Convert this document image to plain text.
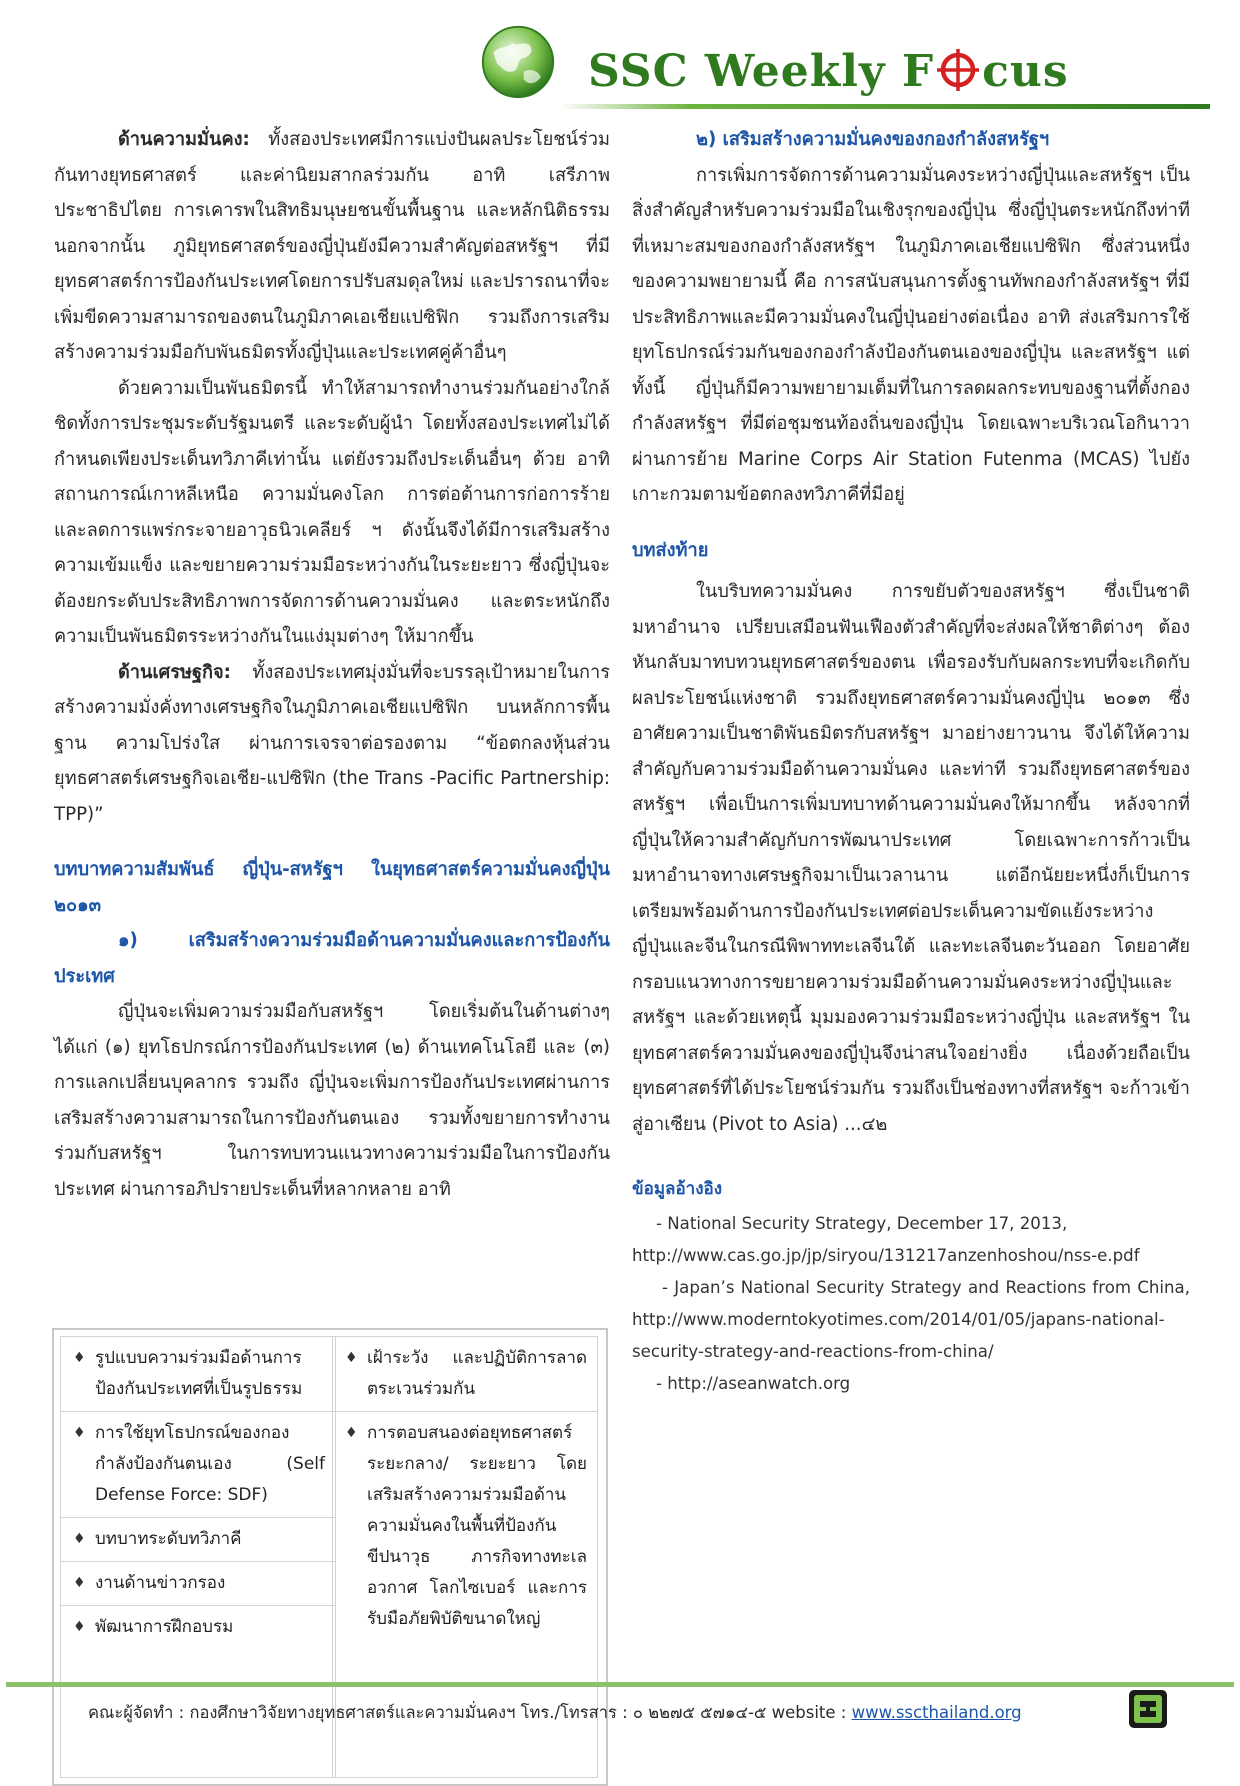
SSC Weekly F cus

ด้านความมั่นคง: ทั้งสองประเทศมีการแบ่งปันผลประโยชน์ร่วมกันทางยุทธศาสตร์ และค่านิยมสากลร่วมกัน อาทิ เสรีภาพ ประชาธิปไตย การเคารพในสิทธิมนุษยชนขั้นพื้นฐาน และหลักนิติธรรม นอกจากนั้น ภูมิยุทธศาสตร์ของญี่ปุ่นยังมีความสำคัญต่อสหรัฐฯ ที่มียุทธศาสตร์การป้องกันประเทศโดยการปรับสมดุลใหม่ และปรารถนาที่จะเพิ่มขีดความสามารถของตนในภูมิภาคเอเชียแปซิฟิก รวมถึงการเสริมสร้างความร่วมมือกับพันธมิตรทั้งญี่ปุ่นและประเทศคู่ค้าอื่นๆ

ด้วยความเป็นพันธมิตรนี้ ทำให้สามารถทำงานร่วมกันอย่างใกล้ชิดทั้งการประชุมระดับรัฐมนตรี และระดับผู้นำ โดยทั้งสองประเทศไม่ได้กำหนดเพียงประเด็นทวิภาคีเท่านั้น แต่ยังรวมถึงประเด็นอื่นๆ ด้วย อาทิ สถานการณ์เกาหลีเหนือ ความมั่นคงโลก การต่อต้านการก่อการร้าย และลดการแพร่กระจายอาวุธนิวเคลียร์ ฯ ดังนั้นจึงได้มีการเสริมสร้างความเข้มแข็ง และขยายความร่วมมือระหว่างกันในระยะยาว ซึ่งญี่ปุ่นจะต้องยกระดับประสิทธิภาพการจัดการด้านความมั่นคง และตระหนักถึงความเป็นพันธมิตรระหว่างกันในแง่มุมต่างๆ ให้มากขึ้น

ด้านเศรษฐกิจ: ทั้งสองประเทศมุ่งมั่นที่จะบรรลุเป้าหมายในการสร้างความมั่งคั่งทางเศรษฐกิจในภูมิภาคเอเชียแปซิฟิก บนหลักการพื้นฐาน ความโปร่งใส ผ่านการเจรจาต่อรองตาม “ข้อตกลงหุ้นส่วนยุทธศาสตร์เศรษฐกิจเอเชีย-แปซิฟิก (the Trans -Pacific Partnership: TPP)”

บทบาทความสัมพันธ์ ญี่ปุ่น-สหรัฐฯ ในยุทธศาสตร์ความมั่นคงญี่ปุ่น ๒๐๑๓

๑) เสริมสร้างความร่วมมือด้านความมั่นคงและการป้องกันประเทศ

ญี่ปุ่นจะเพิ่มความร่วมมือกับสหรัฐฯ โดยเริ่มต้นในด้านต่างๆ ได้แก่ (๑) ยุทโธปกรณ์การป้องกันประเทศ (๒) ด้านเทคโนโลยี และ (๓) การแลกเปลี่ยนบุคลากร รวมถึง ญี่ปุ่นจะเพิ่มการป้องกันประเทศผ่านการเสริมสร้างความสามารถในการป้องกันตนเอง รวมทั้งขยายการทำงานร่วมกับสหรัฐฯ ในการทบทวนแนวทางความร่วมมือในการป้องกันประเทศ ผ่านการอภิปรายประเด็นที่หลากหลาย อาทิ

♦ รูปแบบความร่วมมือด้านการป้องกันประเทศที่เป็นรูปธรรม
♦ การใช้ยุทโธปกรณ์ของกองกำลังป้องกันตนเอง (Self Defense Force: SDF)
♦ บทบาทระดับทวิภาคี
♦ งานด้านข่าวกรอง
♦ พัฒนาการฝึกอบรม
♦ เฝ้าระวัง และปฏิบัติการลาดตระเวนร่วมกัน
♦ การตอบสนองต่อยุทธศาสตร์ระยะกลาง/ ระยะยาว โดยเสริมสร้างความร่วมมือด้านความมั่นคงในพื้นที่ป้องกันขีปนาวุธ ภารกิจทางทะเล อวกาศ โลกไซเบอร์ และการรับมือภัยพิบัติขนาดใหญ่

๒) เสริมสร้างความมั่นคงของกองกำลังสหรัฐฯ

การเพิ่มการจัดการด้านความมั่นคงระหว่างญี่ปุ่นและสหรัฐฯ เป็นสิ่งสำคัญสำหรับความร่วมมือในเชิงรุกของญี่ปุ่น ซึ่งญี่ปุ่นตระหนักถึงท่าทีที่เหมาะสมของกองกำลังสหรัฐฯ ในภูมิภาคเอเชียแปซิฟิก ซึ่งส่วนหนึ่งของความพยายามนี้ คือ การสนับสนุนการตั้งฐานทัพกองกำลังสหรัฐฯ ที่มีประสิทธิภาพและมีความมั่นคงในญี่ปุ่นอย่างต่อเนื่อง อาทิ ส่งเสริมการใช้ยุทโธปกรณ์ร่วมกันของกองกำลังป้องกันตนเองของญี่ปุ่น และสหรัฐฯ แต่ทั้งนี้ ญี่ปุ่นก็มีความพยายามเต็มที่ในการลดผลกระทบของฐานที่ตั้งกองกำลังสหรัฐฯ ที่มีต่อชุมชนท้องถิ่นของญี่ปุ่น โดยเฉพาะบริเวณโอกินาวา ผ่านการย้าย Marine Corps Air Station Futenma (MCAS) ไปยังเกาะกวมตามข้อตกลงทวิภาคีที่มีอยู่

บทส่งท้าย

ในบริบทความมั่นคง การขยับตัวของสหรัฐฯ ซึ่งเป็นชาติมหาอำนาจ เปรียบเสมือนฟันเฟืองตัวสำคัญที่จะส่งผลให้ชาติต่างๆ ต้องหันกลับมาทบทวนยุทธศาสตร์ของตน เพื่อรองรับกับผลกระทบที่จะเกิดกับผลประโยชน์แห่งชาติ รวมถึงยุทธศาสตร์ความมั่นคงญี่ปุ่น ๒๐๑๓ ซึ่งอาศัยความเป็นชาติพันธมิตรกับสหรัฐฯ มาอย่างยาวนาน จึงได้ให้ความสำคัญกับความร่วมมือด้านความมั่นคง และท่าที รวมถึงยุทธศาสตร์ของสหรัฐฯ เพื่อเป็นการเพิ่มบทบาทด้านความมั่นคงให้มากขึ้น หลังจากที่ญี่ปุ่นให้ความสำคัญกับการพัฒนาประเทศ โดยเฉพาะการก้าวเป็นมหาอำนาจทางเศรษฐกิจมาเป็นเวลานาน แต่อีกนัยยะหนึ่งก็เป็นการเตรียมพร้อมด้านการป้องกันประเทศต่อประเด็นความขัดแย้งระหว่างญี่ปุ่นและจีนในกรณีพิพาททะเลจีนใต้ และทะเลจีนตะวันออก โดยอาศัยกรอบแนวทางการขยายความร่วมมือด้านความมั่นคงระหว่างญี่ปุ่นและสหรัฐฯ และด้วยเหตุนี้ มุมมองความร่วมมือระหว่างญี่ปุ่น และสหรัฐฯ ในยุทธศาสตร์ความมั่นคงของญี่ปุ่นจึงน่าสนใจอย่างยิ่ง เนื่องด้วยถือเป็นยุทธศาสตร์ที่ได้ประโยชน์ร่วมกัน รวมถึงเป็นช่องทางที่สหรัฐฯ จะก้าวเข้าสู่อาเซียน (Pivot to Asia) ...๔๒

ข้อมูลอ้างอิง

- National Security Strategy, December 17, 2013,

http://www.cas.go.jp/jp/siryou/131217anzenhoshou/nss-e.pdf

- Japan’s National Security Strategy and Reactions from China, http://www.moderntokyotimes.com/2014/01/05/japans-national-security-strategy-and-reactions-from-china/

- http://aseanwatch.org

คณะผู้จัดทำ : กองศึกษาวิจัยทางยุทธศาสตร์และความมั่นคงฯ โทร./โทรสาร : ๐ ๒๒๗๕ ๕๗๑๔-๕ website : www.sscthailand.org
